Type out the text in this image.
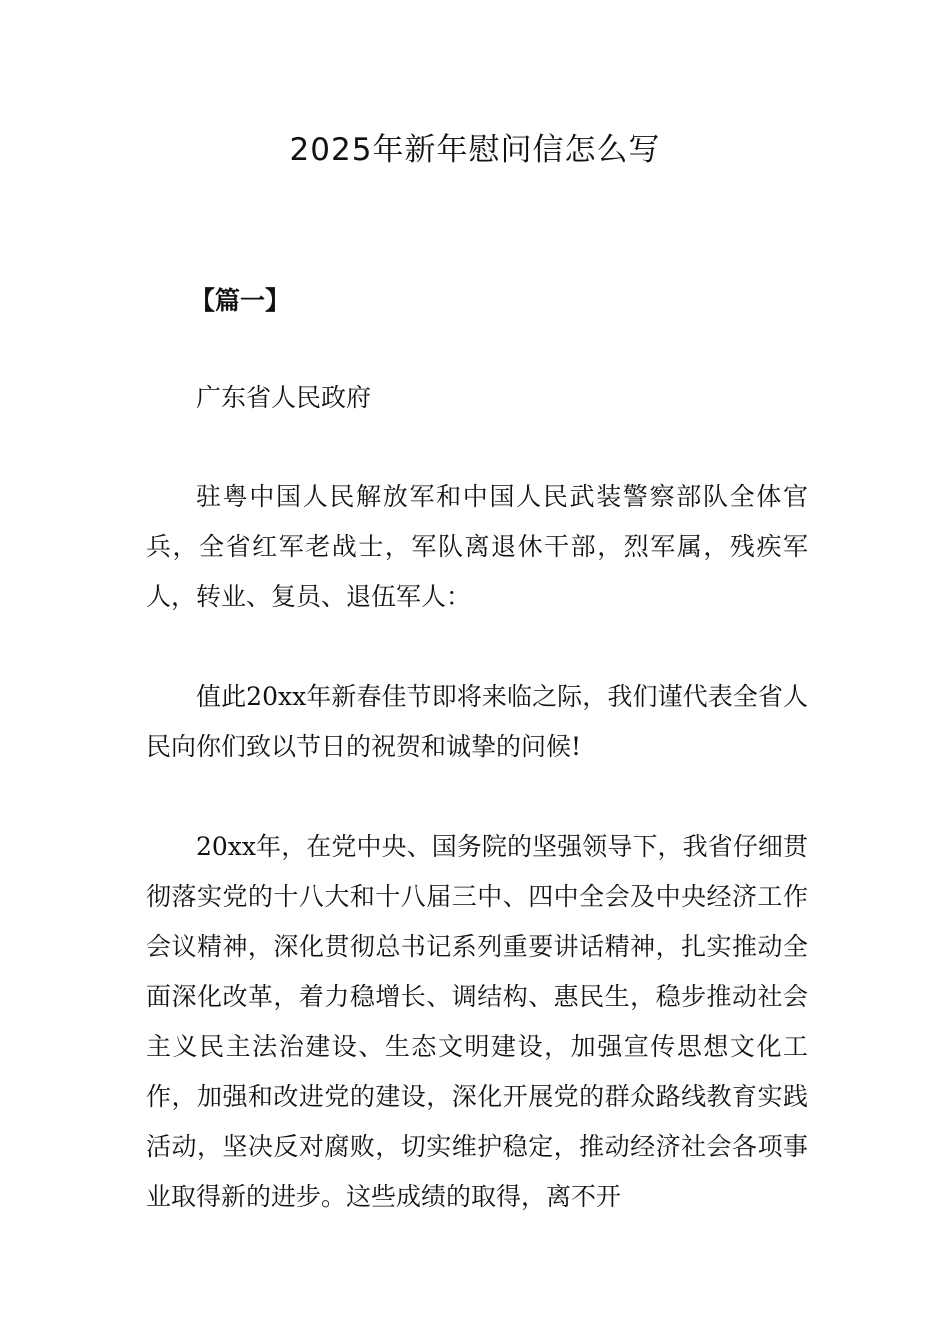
2025年新年慰问信怎么写
【篇一】
广东省人民政府
驻粤中国人民解放军和中国人民武装警察部队全体官兵，全省红军老战士，军队离退休干部，烈军属，残疾军人，转业、复员、退伍军人：
值此20xx年新春佳节即将来临之际，我们谨代表全省人民向你们致以节日的祝贺和诚挚的问候!
20xx年，在党中央、国务院的坚强领导下，我省仔细贯彻落实党的十八大和十八届三中、四中全会及中央经济工作会议精神，深化贯彻总书记系列重要讲话精神，扎实推动全面深化改革，着力稳增长、调结构、惠民生，稳步推动社会主义民主法治建设、生态文明建设，加强宣传思想文化工作，加强和改进党的建设，深化开展党的群众路线教育实践活动，坚决反对腐败，切实维护稳定，推动经济社会各项事业取得新的进步。这些成绩的取得，离不开
